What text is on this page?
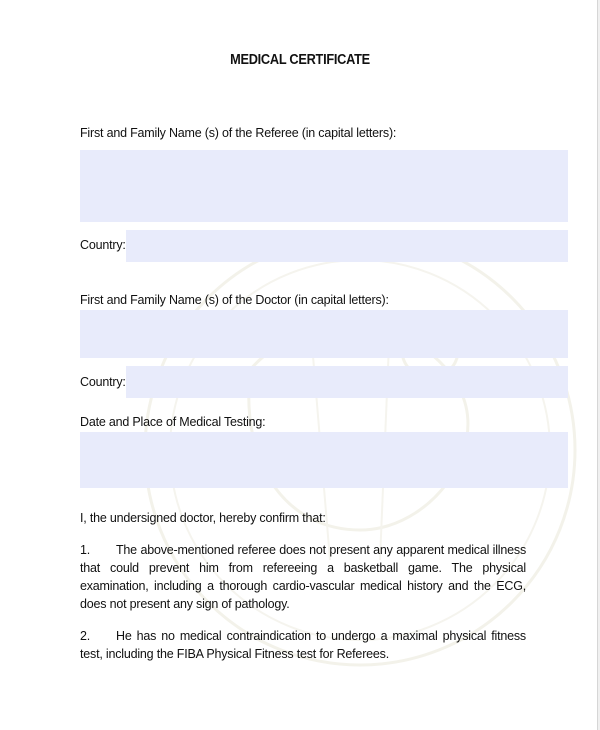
MEDICAL CERTIFICATE
First and Family Name (s) of the Referee (in capital letters):
Country:
First and Family Name (s) of the Doctor (in capital letters):
Country:
Date and Place of Medical Testing:
I, the undersigned doctor, hereby confirm that:
1. The above-mentioned referee does not present any apparent medical illness that could prevent him from refereeing a basketball game. The physical examination, including a thorough cardio-vascular medical history and the ECG, does not present any sign of pathology.
2. He has no medical contraindication to undergo a maximal physical fitness test, including the FIBA Physical Fitness test for Referees.
